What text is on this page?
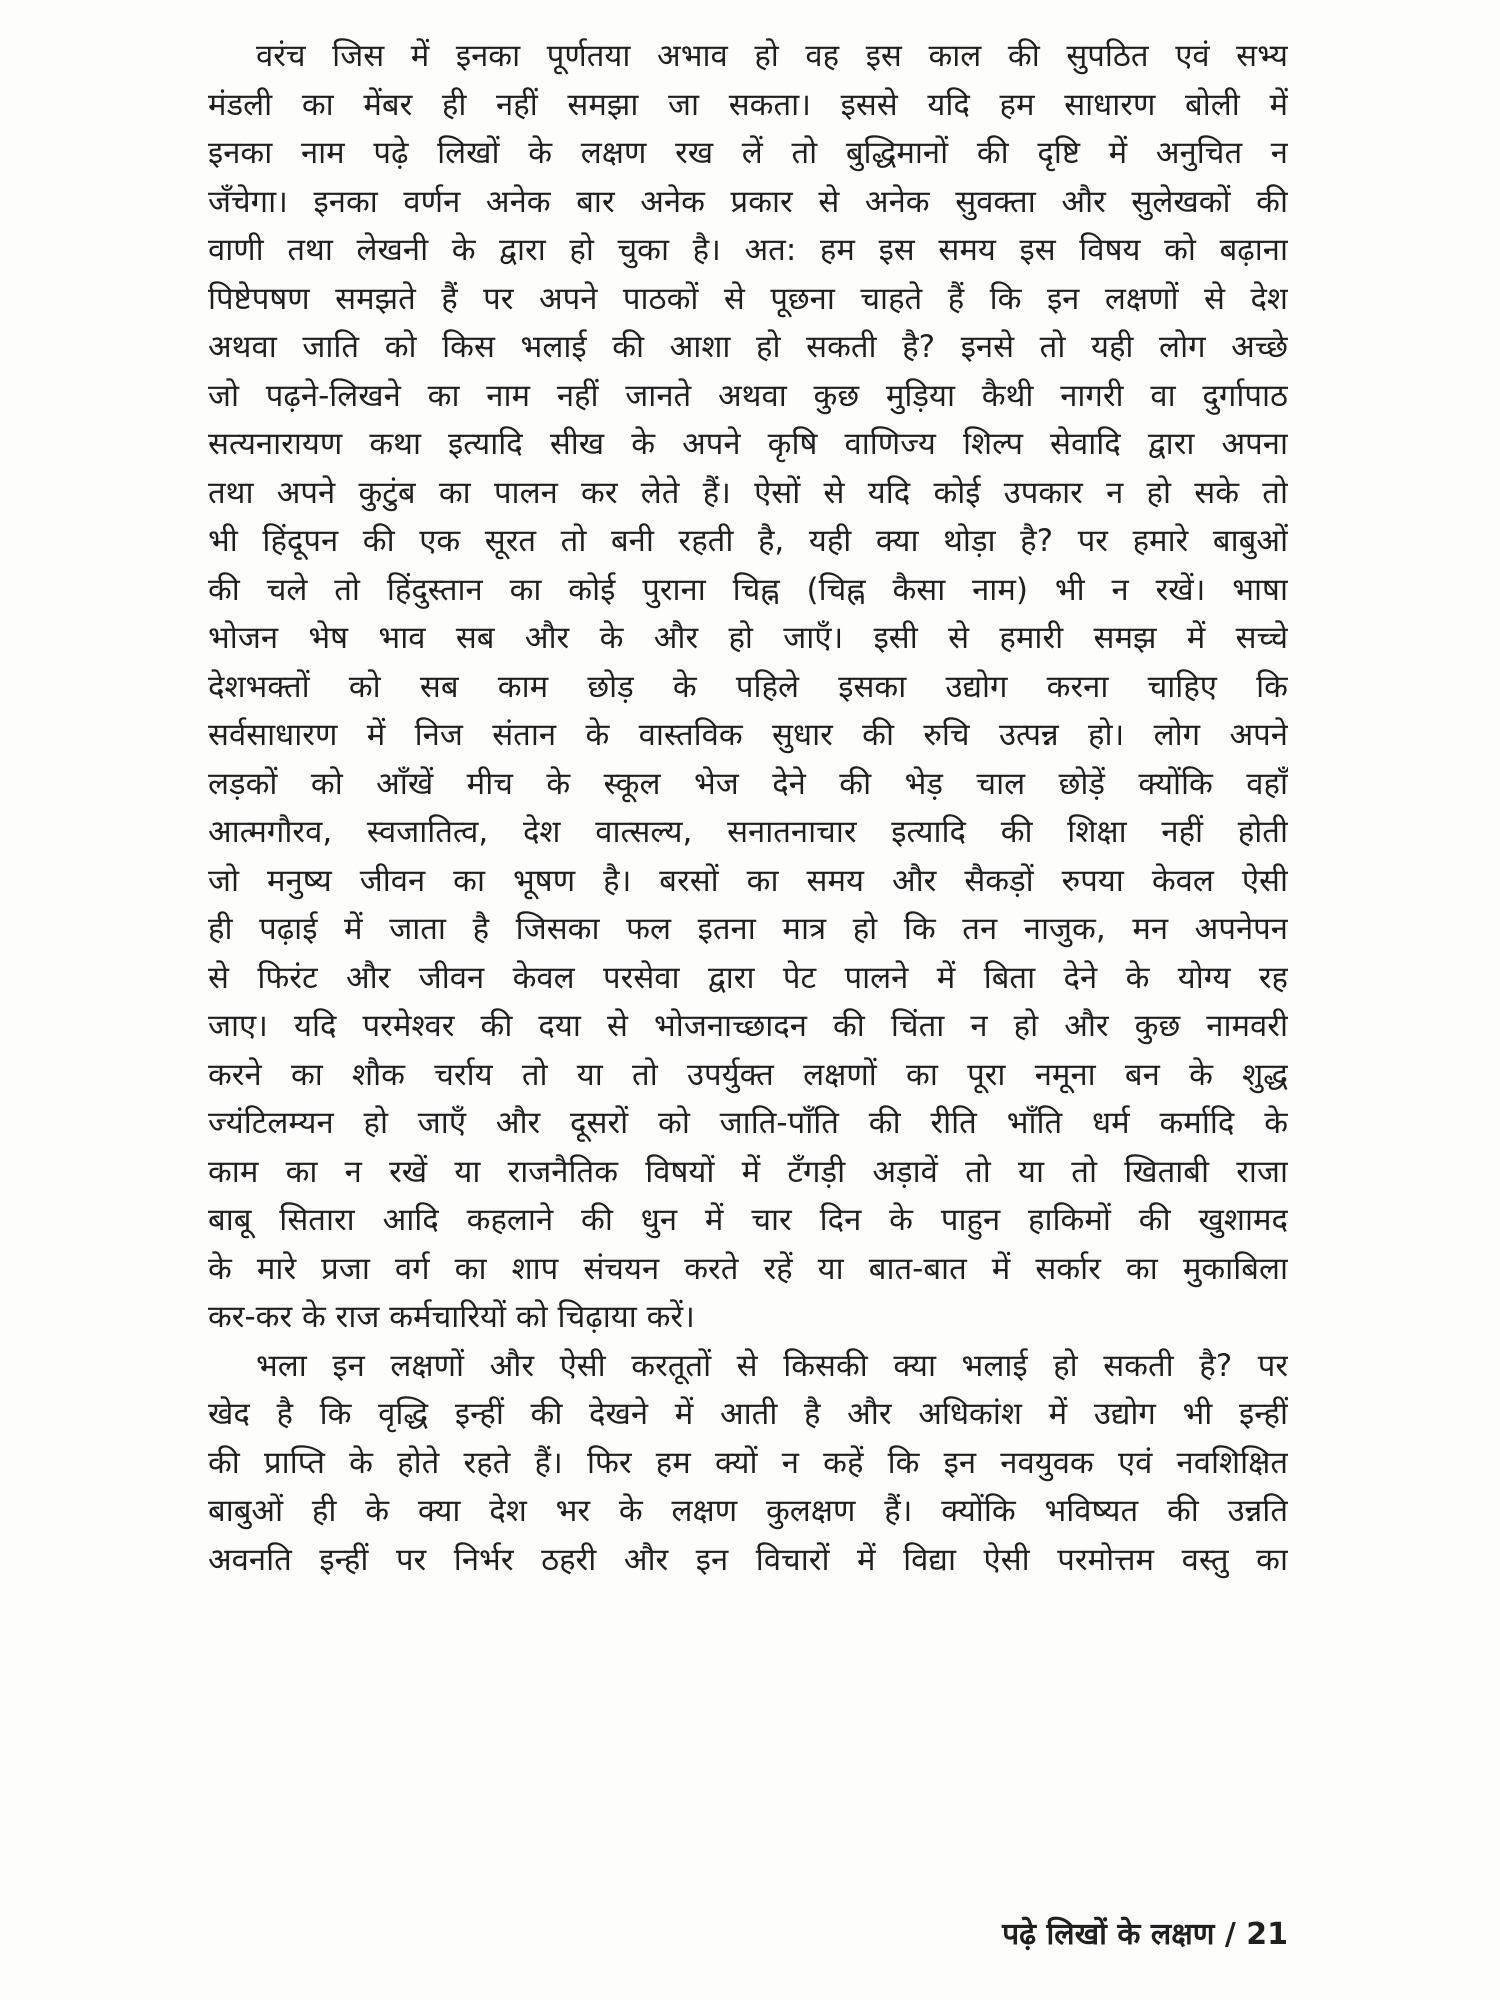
वरंच जिस में इनका पूर्णतया अभाव हो वह इस काल की सुपठित एवं सभ्य
मंडली का मेंबर ही नहीं समझा जा सकता। इससे यदि हम साधारण बोली में
इनका नाम पढ़े लिखों के लक्षण रख लें तो बुद्धिमानों की दृष्टि में अनुचित न
जँचेगा। इनका वर्णन अनेक बार अनेक प्रकार से अनेक सुवक्ता और सुलेखकों की
वाणी तथा लेखनी के द्वारा हो चुका है। अत: हम इस समय इस विषय को बढ़ाना
पिष्टेपषण समझते हैं पर अपने पाठकों से पूछना चाहते हैं कि इन लक्षणों से देश
अथवा जाति को किस भलाई की आशा हो सकती है? इनसे तो यही लोग अच्छे
जो पढ़ने-लिखने का नाम नहीं जानते अथवा कुछ मुड़िया कैथी नागरी वा दुर्गापाठ
सत्यनारायण कथा इत्यादि सीख के अपने कृषि वाणिज्य शिल्प सेवादि द्वारा अपना
तथा अपने कुटुंब का पालन कर लेते हैं। ऐसों से यदि कोई उपकार न हो सके तो
भी हिंदूपन की एक सूरत तो बनी रहती है, यही क्या थोड़ा है? पर हमारे बाबुओं
की चले तो हिंदुस्तान का कोई पुराना चिह्न (चिह्न कैसा नाम) भी न रखें। भाषा
भोजन भेष भाव सब और के और हो जाएँ। इसी से हमारी समझ में सच्चे
देशभक्तों को सब काम छोड़ के पहिले इसका उद्योग करना चाहिए कि
सर्वसाधारण में निज संतान के वास्तविक सुधार की रुचि उत्पन्न हो। लोग अपने
लड़कों को आँखें मीच के स्कूल भेज देने की भेड़ चाल छोड़ें क्योंकि वहाँ
आत्मगौरव, स्वजातित्व, देश वात्सल्य, सनातनाचार इत्यादि की शिक्षा नहीं होती
जो मनुष्य जीवन का भूषण है। बरसों का समय और सैकड़ों रुपया केवल ऐसी
ही पढ़ाई में जाता है जिसका फल इतना मात्र हो कि तन नाजुक, मन अपनेपन
से फिरंट और जीवन केवल परसेवा द्वारा पेट पालने में बिता देने के योग्य रह
जाए। यदि परमेश्वर की दया से भोजनाच्छादन की चिंता न हो और कुछ नामवरी
करने का शौक चर्राय तो या तो उपर्युक्त लक्षणों का पूरा नमूना बन के शुद्ध
ज्यंटिलम्यन हो जाएँ और दूसरों को जाति-पाँति की रीति भाँति धर्म कर्मादि के
काम का न रखें या राजनैतिक विषयों में टँगड़ी अड़ावें तो या तो खिताबी राजा
बाबू सितारा आदि कहलाने की धुन में चार दिन के पाहुन हाकिमों की खुशामद
के मारे प्रजा वर्ग का शाप संचयन करते रहें या बात-बात में सर्कार का मुकाबिला
कर-कर के राज कर्मचारियों को चिढ़ाया करें।
भला इन लक्षणों और ऐसी करतूतों से किसकी क्या भलाई हो सकती है? पर
खेद है कि वृद्धि इन्हीं की देखने में आती है और अधिकांश में उद्योग भी इन्हीं
की प्राप्ति के होते रहते हैं। फिर हम क्यों न कहें कि इन नवयुवक एवं नवशिक्षित
बाबुओं ही के क्या देश भर के लक्षण कुलक्षण हैं। क्योंकि भविष्यत की उन्नति
अवनति इन्हीं पर निर्भर ठहरी और इन विचारों में विद्या ऐसी परमोत्तम वस्तु का
पढ़े लिखों के लक्षण / 21
